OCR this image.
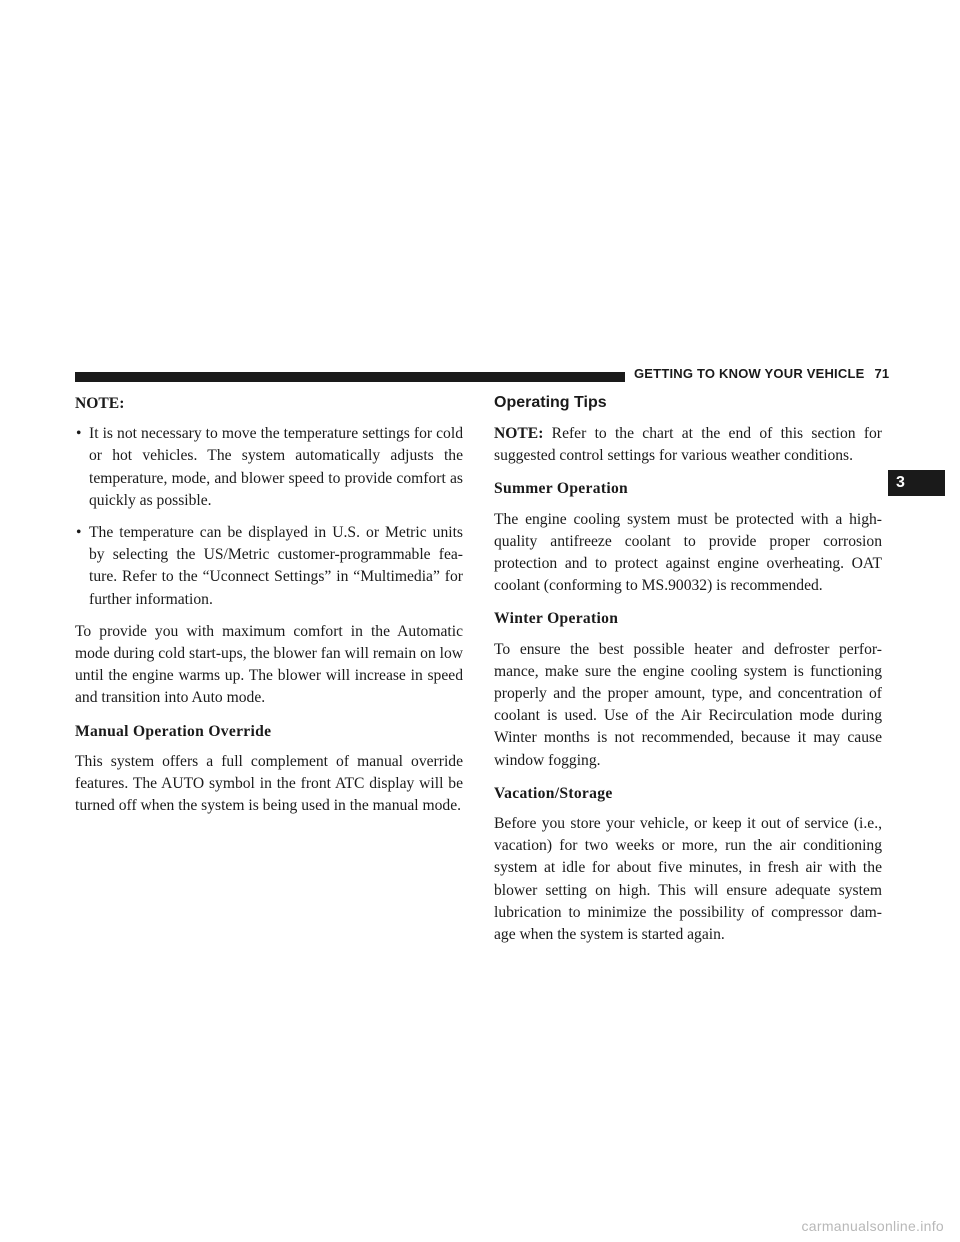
GETTING TO KNOW YOUR VEHICLE 71

NOTE:

• It is not necessary to move the temperature settings for cold or hot vehicles. The system automatically adjusts the temperature, mode, and blower speed to provide comfort as quickly as possible.
• The temperature can be displayed in U.S. or Metric units by selecting the US/Metric customer-programmable fea- ture. Refer to the “Uconnect Settings” in “Multimedia” for further information.

To provide you with maximum comfort in the Automatic mode during cold start-ups, the blower fan will remain on low until the engine warms up. The blower will increase in speed and transition into Auto mode.

Manual Operation Override

This system offers a full complement of manual override features. The AUTO symbol in the front ATC display will be turned off when the system is being used in the manual mode.

Operating Tips

NOTE: Refer to the chart at the end of this section for suggested control settings for various weather conditions.

Summer Operation

The engine cooling system must be protected with a high-quality antifreeze coolant to provide proper corrosion protection and to protect against engine overheating. OAT coolant (conforming to MS.90032) is recommended.

Winter Operation

To ensure the best possible heater and defroster perfor- mance, make sure the engine cooling system is functioning properly and the proper amount, type, and concentration of coolant is used. Use of the Air Recirculation mode during Winter months is not recommended, because it may cause window fogging.

Vacation/Storage

Before you store your vehicle, or keep it out of service (i.e., vacation) for two weeks or more, run the air conditioning system at idle for about five minutes, in fresh air with the blower setting on high. This will ensure adequate system lubrication to minimize the possibility of compressor dam- age when the system is started again.

3
carmanualsonline.info
